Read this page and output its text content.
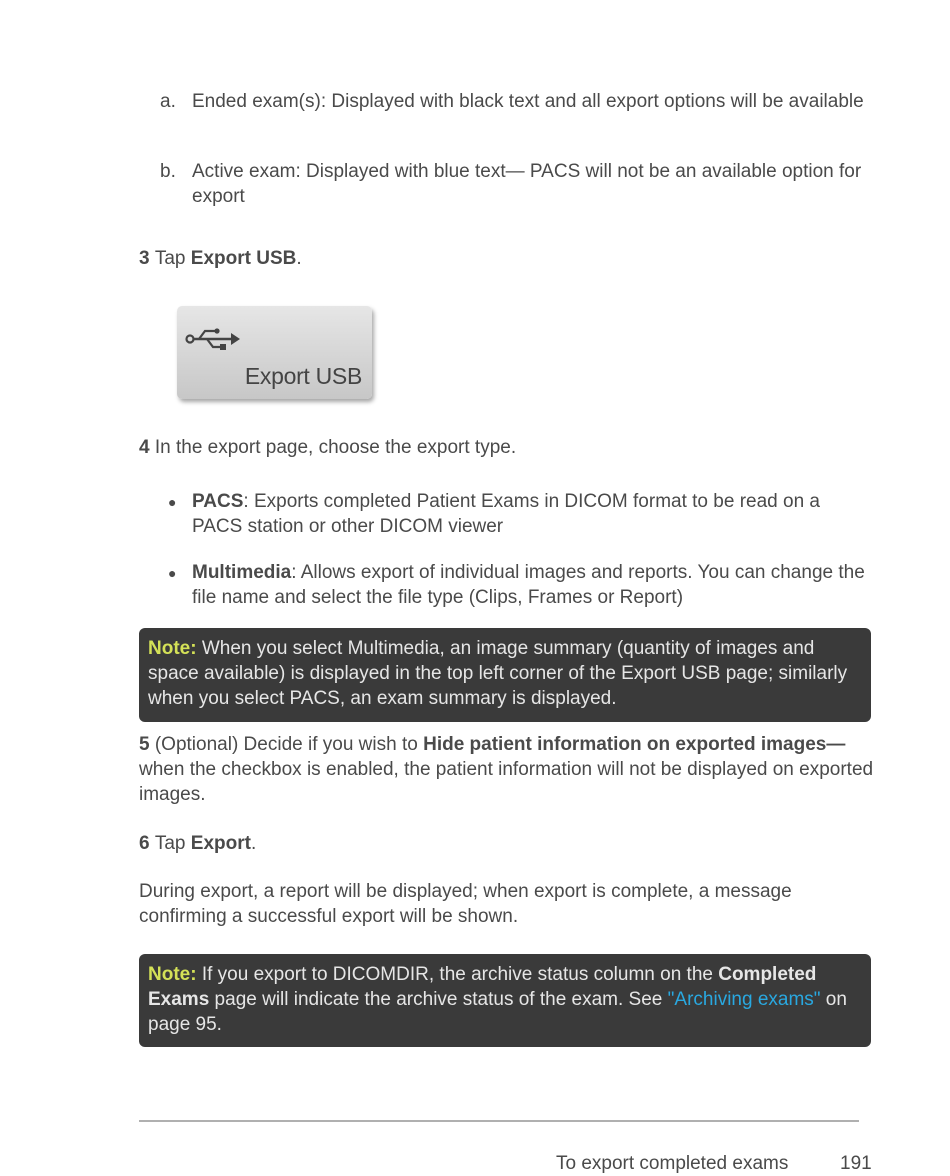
a. Ended exam(s): Displayed with black text and all export options will be available
b. Active exam: Displayed with blue text— PACS will not be an available option for export
3 Tap Export USB.
Export USB
4 In the export page, choose the export type.
● PACS: Exports completed Patient Exams in DICOM format to be read on a PACS station or other DICOM viewer
● Multimedia: Allows export of individual images and reports. You can change the file name and select the file type (Clips, Frames or Report)
Note: When you select Multimedia, an image summary (quantity of images and space available) is displayed in the top left corner of the Export USB page; similarly when you select PACS, an exam summary is displayed.
5 (Optional) Decide if you wish to Hide patient information on exported images—when the checkbox is enabled, the patient information will not be displayed on exported images.
6 Tap Export.
During export, a report will be displayed; when export is complete, a message confirming a successful export will be shown.
Note: If you export to DICOMDIR, the archive status column on the Completed Exams page will indicate the archive status of the exam. See "Archiving exams" on page 95.
To export completed exams	191
